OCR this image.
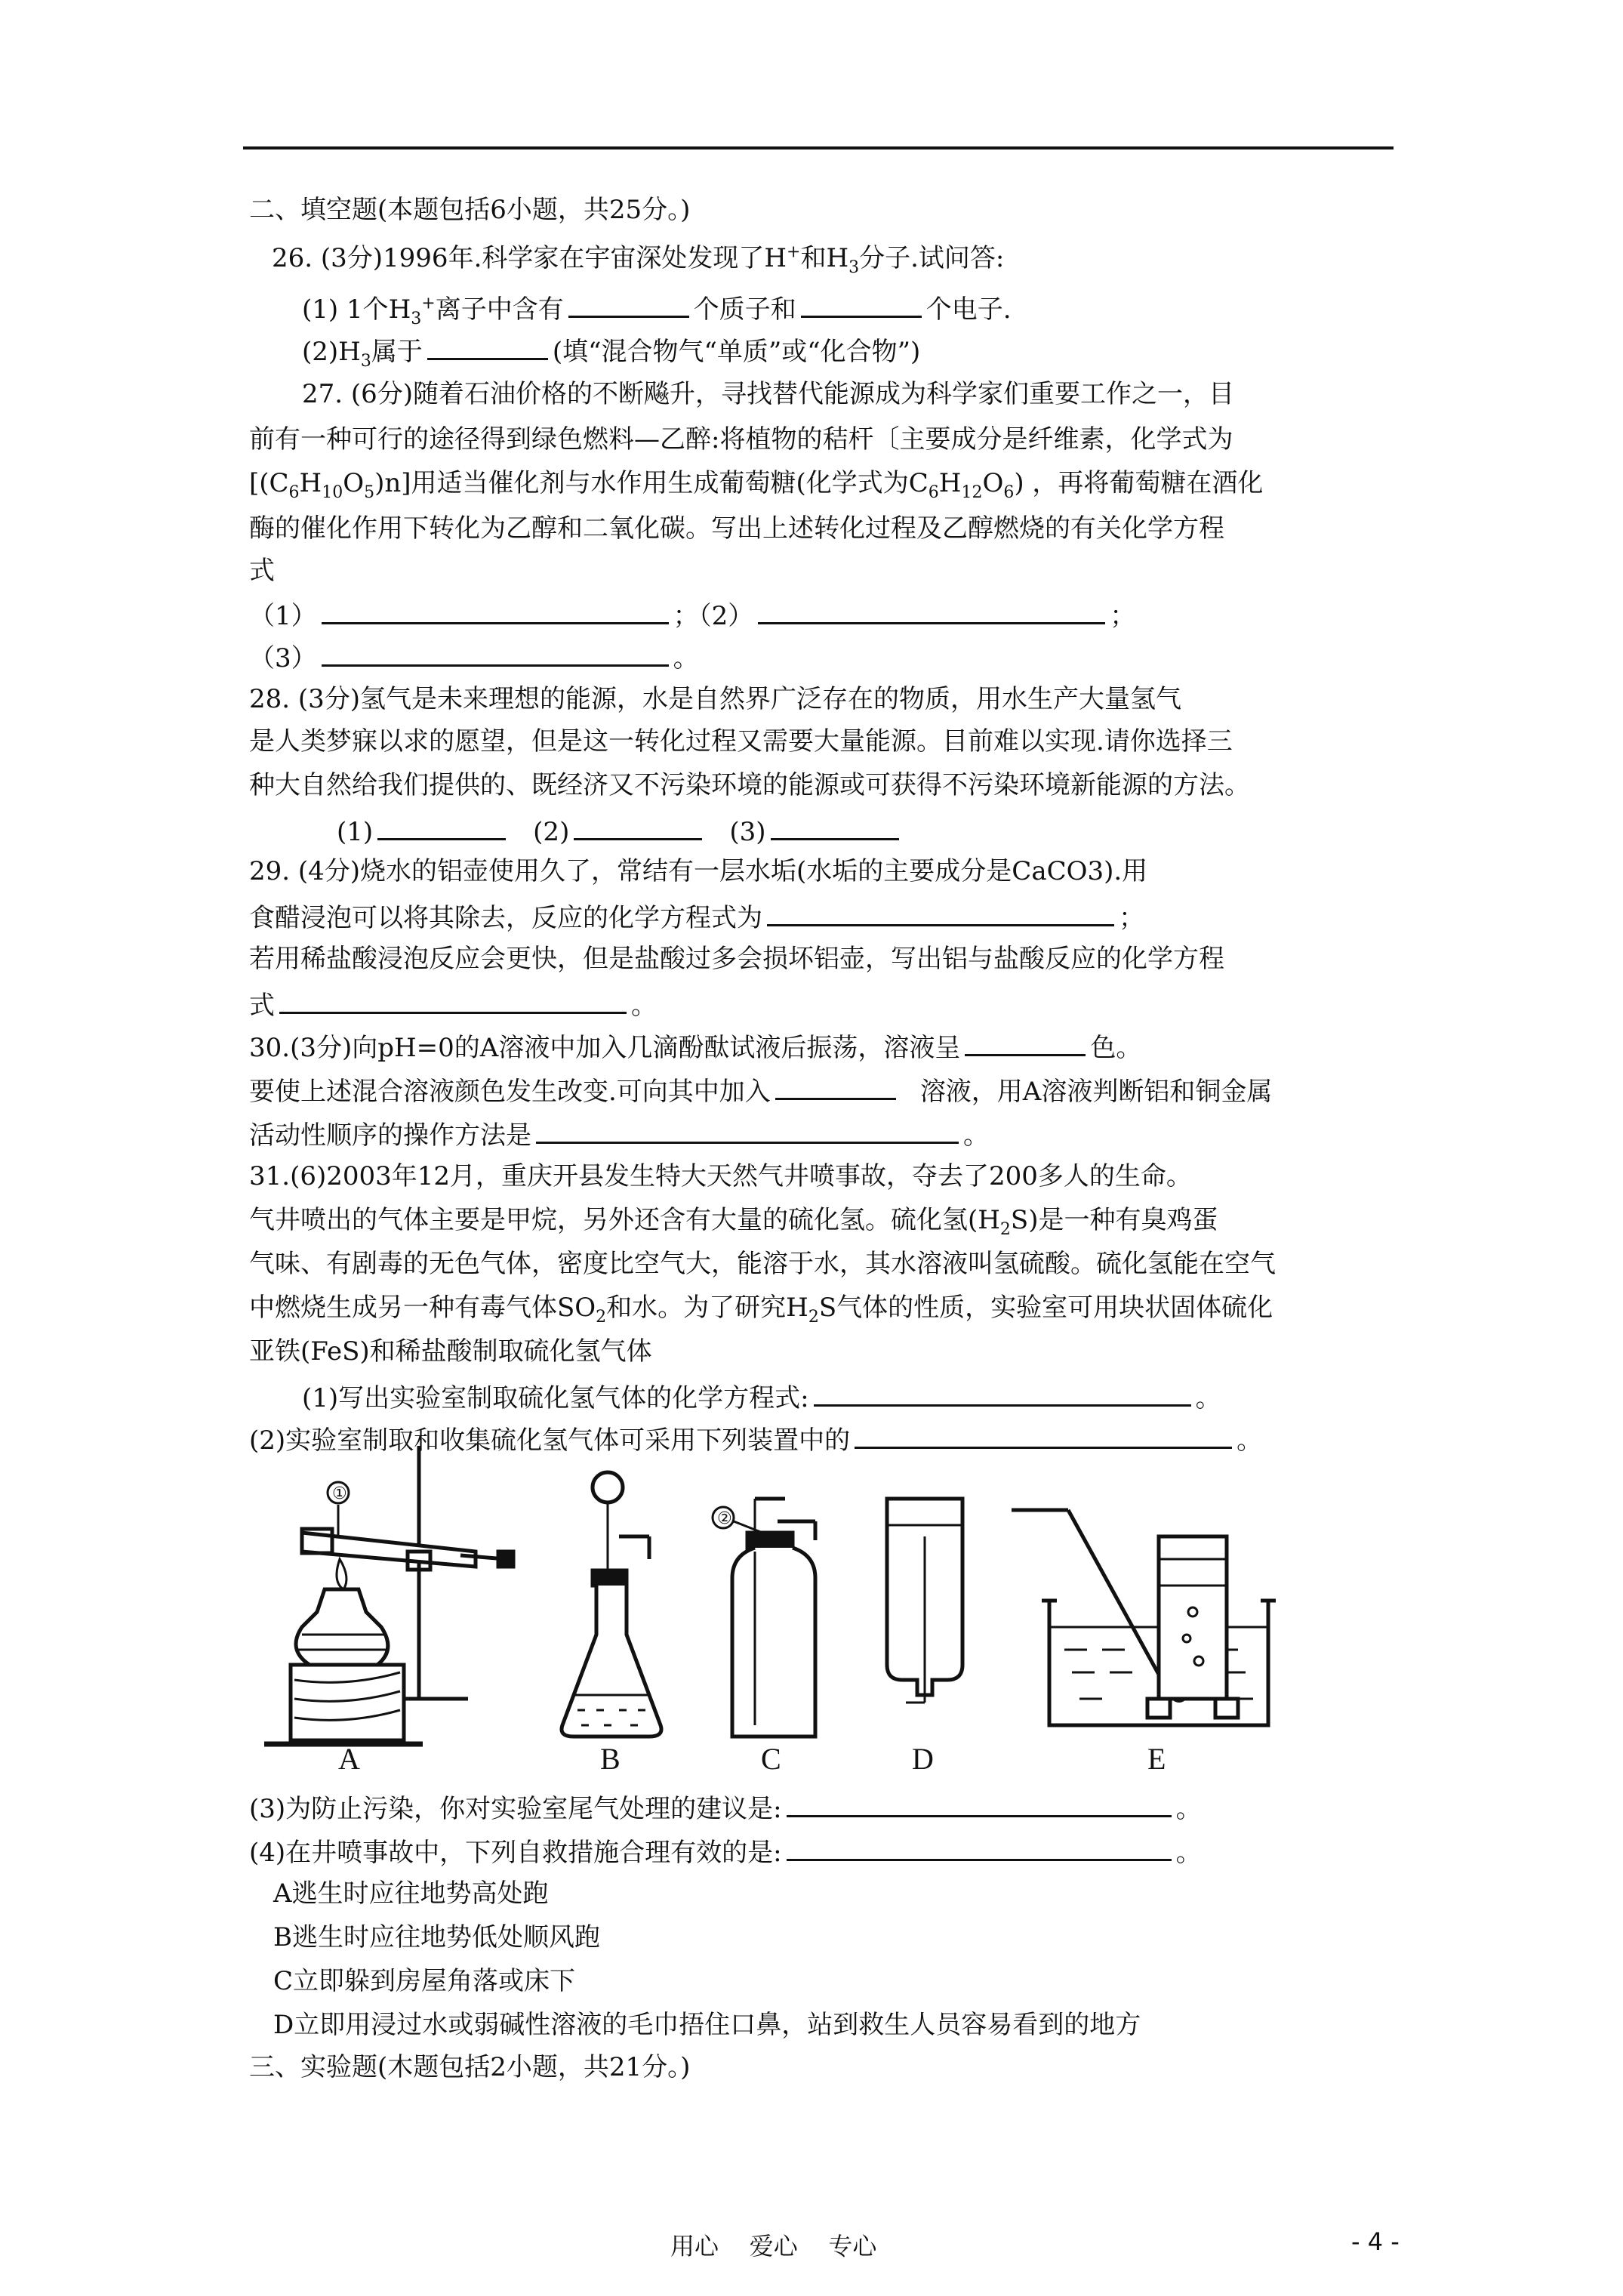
二、填空题(本题包括6小题，共25分。)
26. (3分)1996年.科学家在宇宙深处发现了H+和$H_3$分子.试问答:
(1) 1个$H_3^+$离子中含有	个质子和	个电子.
$(2)H_3$属于	(填“混合物气“单质”或“化合物”)
27. (6分)随着石油价格的不断飚升，寻找替代能源成为科学家们重要工作之一，目
前有一种可行的途径得到绿色燃料—乙醉:将植物的秸杆〔主要成分是纤维素，化学式为
$[(C_6H_{10}O_5)n]$用适当催化剂与水作用生成葡萄糖(化学式为$C_6H_{12}O_6$) ，再将葡萄糖在酒化
酶的催化作用下转化为乙醇和二氧化碳。写出上述转化过程及乙醇燃烧的有关化学方程
式
（1）	；（2）	；
（3）	。
28. (3分)氢气是未来理想的能源，水是自然界广泛存在的物质，用水生产大量氢气
是人类梦寐以求的愿望，但是这一转化过程又需要大量能源。目前难以实现.请你选择三
种大自然给我们提供的、既经济又不污染环境的能源或可获得不污染环境新能源的方法。
(1)	(2)	(3)
29. (4分)烧水的铝壶使用久了，常结有一层水垢(水垢的主要成分是CaCO3).用
食醋浸泡可以将其除去，反应的化学方程式为	；
若用稀盐酸浸泡反应会更快，但是盐酸过多会损坏铝壶，写出铝与盐酸反应的化学方程
式	。
30.(3分)向pH=0的A溶液中加入几滴酚酞试液后振荡，溶液呈	色。
要使上述混合溶液颜色发生改变.可向其中加入	溶液，用A溶液判断铝和铜金属
活动性顺序的操作方法是	。
31.(6)2003年12月，重庆开县发生特大天然气井喷事故，夺去了200多人的生命。
气井喷出的气体主要是甲烷，另外还含有大量的硫化氢。硫化氢$(H_2S)$是一种有臭鸡蛋
气味、有剧毒的无色气体，密度比空气大，能溶于水，其水溶液叫氢硫酸。硫化氢能在空气
中燃烧生成另一种有毒气体$SO_2$和水。为了研究$H_2S$气体的性质，实验室可用块状固体硫化
亚铁(FeS)和稀盐酸制取硫化氢气体
(1)写出实验室制取硫化氢气体的化学方程式:	。
(2)实验室制取和收集硫化氢气体可采用下列装置中的	。
①
A	B
②
C	D	E
(3)为防止污染，你对实验室尾气处理的建议是:	。
(4)在井喷事故中，下列自救措施合理有效的是:	。
A逃生时应往地势高处跑
B逃生时应往地势低处顺风跑
C立即躲到房屋角落或床下
D立即用浸过水或弱碱性溶液的毛巾捂住口鼻，站到救生人员容易看到的地方
三、实验题(木题包括2小题，共21分。)
用心    爱心    专心	- 4 -
